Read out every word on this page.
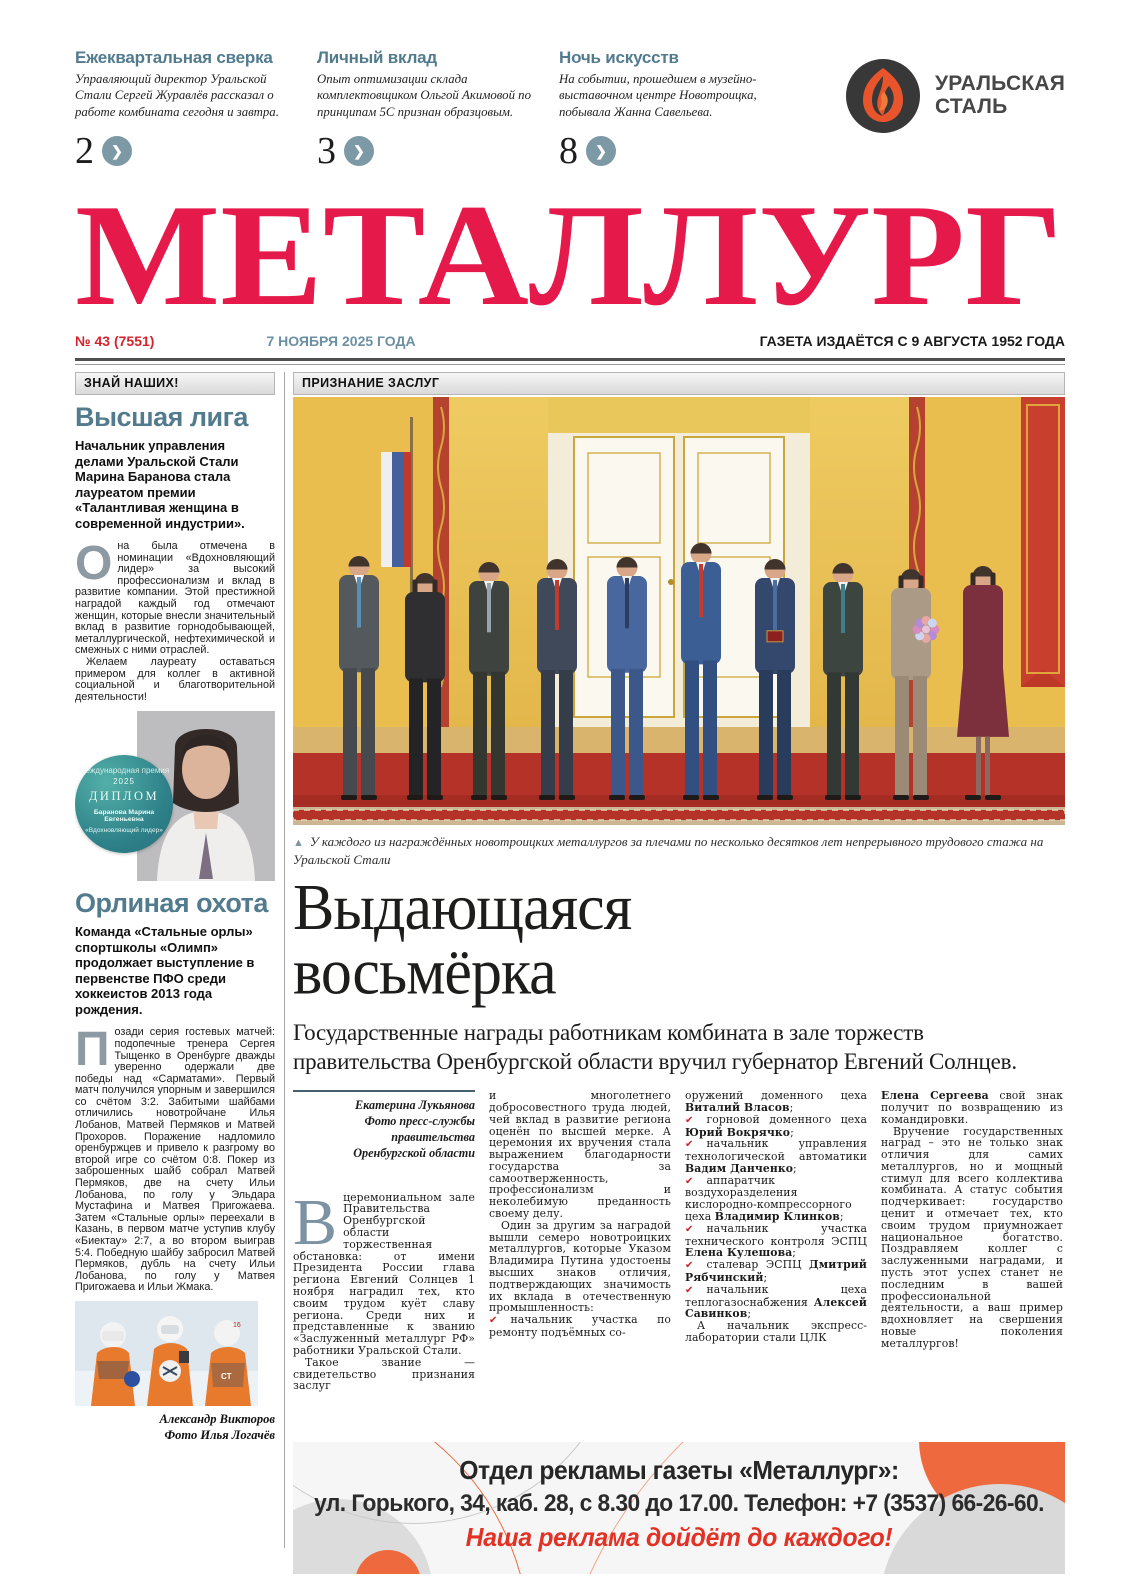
Ежеквартальная сверка
Управляющий директор Уральской Стали Сергей Журавлёв рассказал о работе комбината сегодня и завтра.
2	❯
Личный вклад
Опыт оптимизации склада комплектовщиком Ольгой Акимовой по принципам 5С признан образцовым.
3	❯
Ночь искусств
На событии, прошедшем в музейно-выставочном центре Новотроицка, побывала Жанна Савельева.
8	❯
УРАЛЬСКАЯ
СТАЛЬ
МЕТАЛЛУРГ
№ 43 (7551)	7 НОЯБРЯ 2025 ГОДА	ГАЗЕТА ИЗДАЁТСЯ С 9 АВГУСТА 1952 ГОДА
ЗНАЙ НАШИХ!
Высшая лига
Начальник управления делами Уральской Стали Марина Баранова стала лауреатом премии «Талантливая женщина в современной индустрии».

Она была отмечена в номинации «Вдохновляющий лидер» за высокий профессионализм и вклад в развитие компании. Этой престижной наградой каждый год отмечают женщин, которые внесли значительный вклад в развитие горнодобывающей, металлургической, нефтехимической и смежных с ними отраслей.

Желаем лауреату оставаться примером для коллег в активной социальной и благотворительной деятельности!

Международная премия
2025
ДИПЛОМ
Баранова Марина Евгеньевна
«Вдохновляющий лидер»
Орлиная охота
Команда «Стальные орлы» спортшколы «Олимп» продолжает выступление в первенстве ПФО среди хоккеистов 2013 года рождения.

Позади серия гостевых матчей: подопечные тренера Сергея Тыщенко в Оренбурге дважды уверенно одержали две победы над «Сарматами». Первый матч получился упорным и завершился со счётом 3:2. Забитыми шайбами отличились новотройчане Илья Лобанов, Матвей Пермяков и Матвей Прохоров. Поражение надломило оренбуржцев и привело к разгрому во второй игре со счётом 0:8. Покер из заброшенных шайб собрал Матвей Пермяков, две на счету Ильи Лобанова, по голу у Эльдара Мустафина и Матвея Пригожаева. Затем «Стальные орлы» переехали в Казань, в первом матче уступив клубу «Биектау» 2:7, а во втором выиграв 5:4. Победную шайбу забросил Матвей Пермяков, дубль на счету Ильи Лобанова, по голу у Матвея Пригожаева и Ильи Жмака.

16
СТ
Александр Викторов
Фото Илья Логачёв
ПРИЗНАНИЕ ЗАСЛУГ
▲ У каждого из награждённых новотроицких металлургов за плечами по несколько десятков лет непрерывного трудового стажа на Уральской Стали
Выдающаяся
восьмёрка
Государственные награды работникам комбината в зале торжеств правительства Оренбургской области вручил губернатор Евгений Солнцев.
Екатерина Лукьянова
Фото пресс-службы
правительства
Оренбургской области

Вцеремониальном зале Правительства Оренбургской области торжественная обстановка: от имени Президента России глава региона Евгений Солнцев 1 ноября наградил тех, кто своим трудом куёт славу региона. Среди них и представленные к званию «Заслуженный металлург РФ» работники Уральской Стали.

Такое звание — свидетельство признания заслуг

и многолетнего добросовестного труда людей, чей вклад в развитие региона оценён по высшей мерке. А церемония их вручения стала выражением благодарности государства за самоотверженность, профессионализм и неколебимую преданность своему делу.

Один за другим за наградой вышли семеро новотроицких металлургов, которые Указом Владимира Путина удостоены высших знаков отличия, подтверждающих значимость их вклада в отечественную промышленность:

✔ начальник участка по ремонту подъёмных со-

оружений доменного цеха Виталий Власов;

✔ горновой доменного цеха Юрий Вокрячко;

✔ начальник управления технологической автоматики Вадим Данченко;

✔ аппаратчик воздухоразделения кислородно-компрессорного цеха Владимир Клинков;

✔ начальник участка технического контроля ЭСПЦ Елена Кулешова;

✔ сталевар ЭСПЦ Дмитрий Рябчинский;

✔ начальник цеха теплогазоснабжения Алексей Савинков;

А начальник экспресс-лаборатории стали ЦЛК

Елена Сергеева свой знак получит по возвращению из командировки.

Вручение государственных наград – это не только знак отличия для самих металлургов, но и мощный стимул для всего коллектива комбината. А статус события подчеркивает: государство ценит и отмечает тех, кто своим трудом приумножает национальное богатство. Поздравляем коллег с заслуженными наградами, и пусть этот успех станет не последним в вашей профессиональной деятельности, а ваш пример вдохновляет на свершения новые поколения металлургов!

Отдел рекламы газеты «Металлург»:
ул. Горького, 34, каб. 28, с 8.30 до 17.00. Телефон: +7 (3537) 66-26-60.
Наша реклама дойдёт до каждого!
